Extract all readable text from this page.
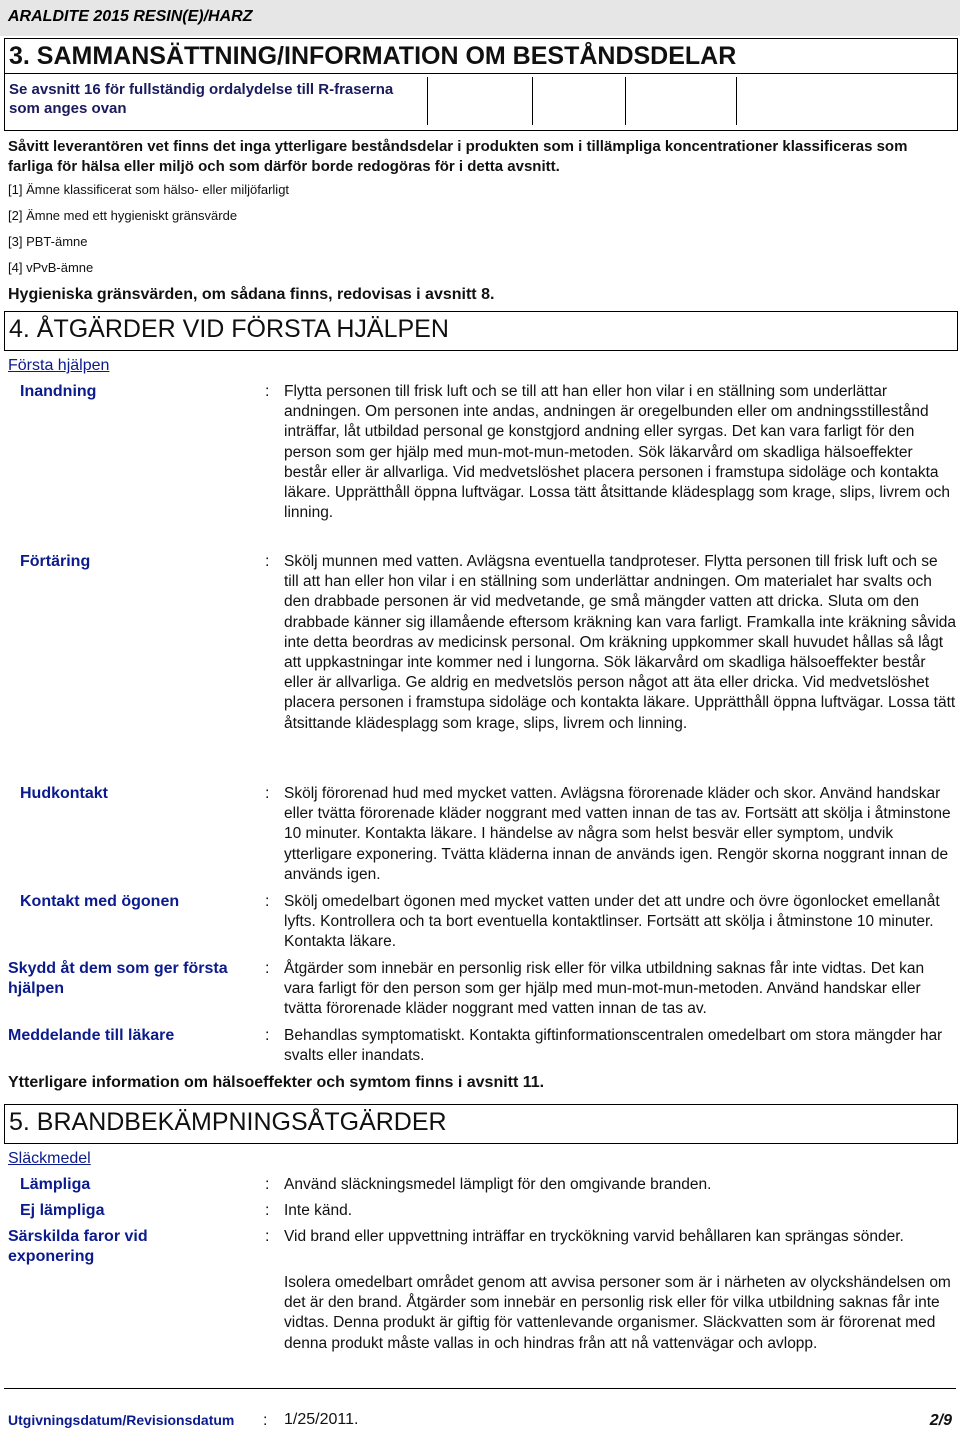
ARALDITE 2015 RESIN(E)/HARZ
3. SAMMANSÄTTNING/INFORMATION OM BESTÅNDSDELAR
Se avsnitt 16 för fullständig ordalydelse till R-fraserna som anges ovan
Såvitt leverantören vet finns det inga ytterligare beståndsdelar i produkten som i tillämpliga koncentrationer klassificeras som farliga för hälsa eller miljö och som därför borde redogöras för i detta avsnitt.
[1] Ämne klassificerat som hälso- eller miljöfarligt
[2] Ämne med ett hygieniskt gränsvärde
[3] PBT-ämne
[4] vPvB-ämne
Hygieniska gränsvärden, om sådana finns, redovisas i avsnitt 8.
4. ÅTGÄRDER VID FÖRSTA HJÄLPEN
Första hjälpen
Inandning	: Flytta personen till frisk luft och se till att han eller hon vilar i en ställning som underlättar andningen. Om personen inte andas, andningen är oregelbunden eller om andningsstillestånd inträffar, låt utbildad personal ge konstgjord andning eller syrgas. Det kan vara farligt för den person som ger hjälp med mun-mot-mun-metoden. Sök läkarvård om skadliga hälsoeffekter består eller är allvarliga. Vid medvetslöshet placera personen i framstupa sidoläge och kontakta läkare. Upprätthåll öppna luftvägar. Lossa tätt åtsittande klädesplagg som krage, slips, livrem och linning.
Förtäring	: Skölj munnen med vatten. Avlägsna eventuella tandproteser. Flytta personen till frisk luft och se till att han eller hon vilar i en ställning som underlättar andningen. Om materialet har svalts och den drabbade personen är vid medvetande, ge små mängder vatten att dricka. Sluta om den drabbade känner sig illamående eftersom kräkning kan vara farligt. Framkalla inte kräkning såvida inte detta beordras av medicinsk personal. Om kräkning uppkommer skall huvudet hållas så lågt att uppkastningar inte kommer ned i lungorna. Sök läkarvård om skadliga hälsoeffekter består eller är allvarliga. Ge aldrig en medvetslös person något att äta eller dricka. Vid medvetslöshet placera personen i framstupa sidoläge och kontakta läkare. Upprätthåll öppna luftvägar. Lossa tätt åtsittande klädesplagg som krage, slips, livrem och linning.
Hudkontakt	: Skölj förorenad hud med mycket vatten. Avlägsna förorenade kläder och skor. Använd handskar eller tvätta förorenade kläder noggrant med vatten innan de tas av. Fortsätt att skölja i åtminstone 10 minuter. Kontakta läkare. I händelse av några som helst besvär eller symptom, undvik ytterligare exponering. Tvätta kläderna innan de används igen. Rengör skorna noggrant innan de används igen.
Kontakt med ögonen	: Skölj omedelbart ögonen med mycket vatten under det att undre och övre ögonlocket emellanåt lyfts. Kontrollera och ta bort eventuella kontaktlinser. Fortsätt att skölja i åtminstone 10 minuter. Kontakta läkare.
Skydd åt dem som ger första hjälpen
: Åtgärder som innebär en personlig risk eller för vilka utbildning saknas får inte vidtas. Det kan vara farligt för den person som ger hjälp med mun-mot-mun-metoden. Använd handskar eller tvätta förorenade kläder noggrant med vatten innan de tas av.
Meddelande till läkare	: Behandlas symptomatiskt. Kontakta giftinformationscentralen omedelbart om stora mängder har svalts eller inandats.
Ytterligare information om hälsoeffekter och symtom finns i avsnitt 11.
5. BRANDBEKÄMPNINGSÅTGÄRDER
Släckmedel
Lämpliga	: Använd släckningsmedel lämpligt för den omgivande branden.
Ej lämpliga	: Inte känd.
Särskilda faror vid exponering
: Vid brand eller uppvettning inträffar en tryckökning varvid behållaren kan sprängas sönder.
Isolera omedelbart området genom att avvisa personer som är i närheten av olyckshändelsen om det är den brand. Åtgärder som innebär en personlig risk eller för vilka utbildning saknas får inte vidtas. Denna produkt är giftig för vattenlevande organismer. Släckvatten som är förorenat med denna produkt måste vallas in och hindras från att nå vattenvägar och avlopp.
Utgivningsdatum/Revisionsdatum : 1/25/2011.	2/9
